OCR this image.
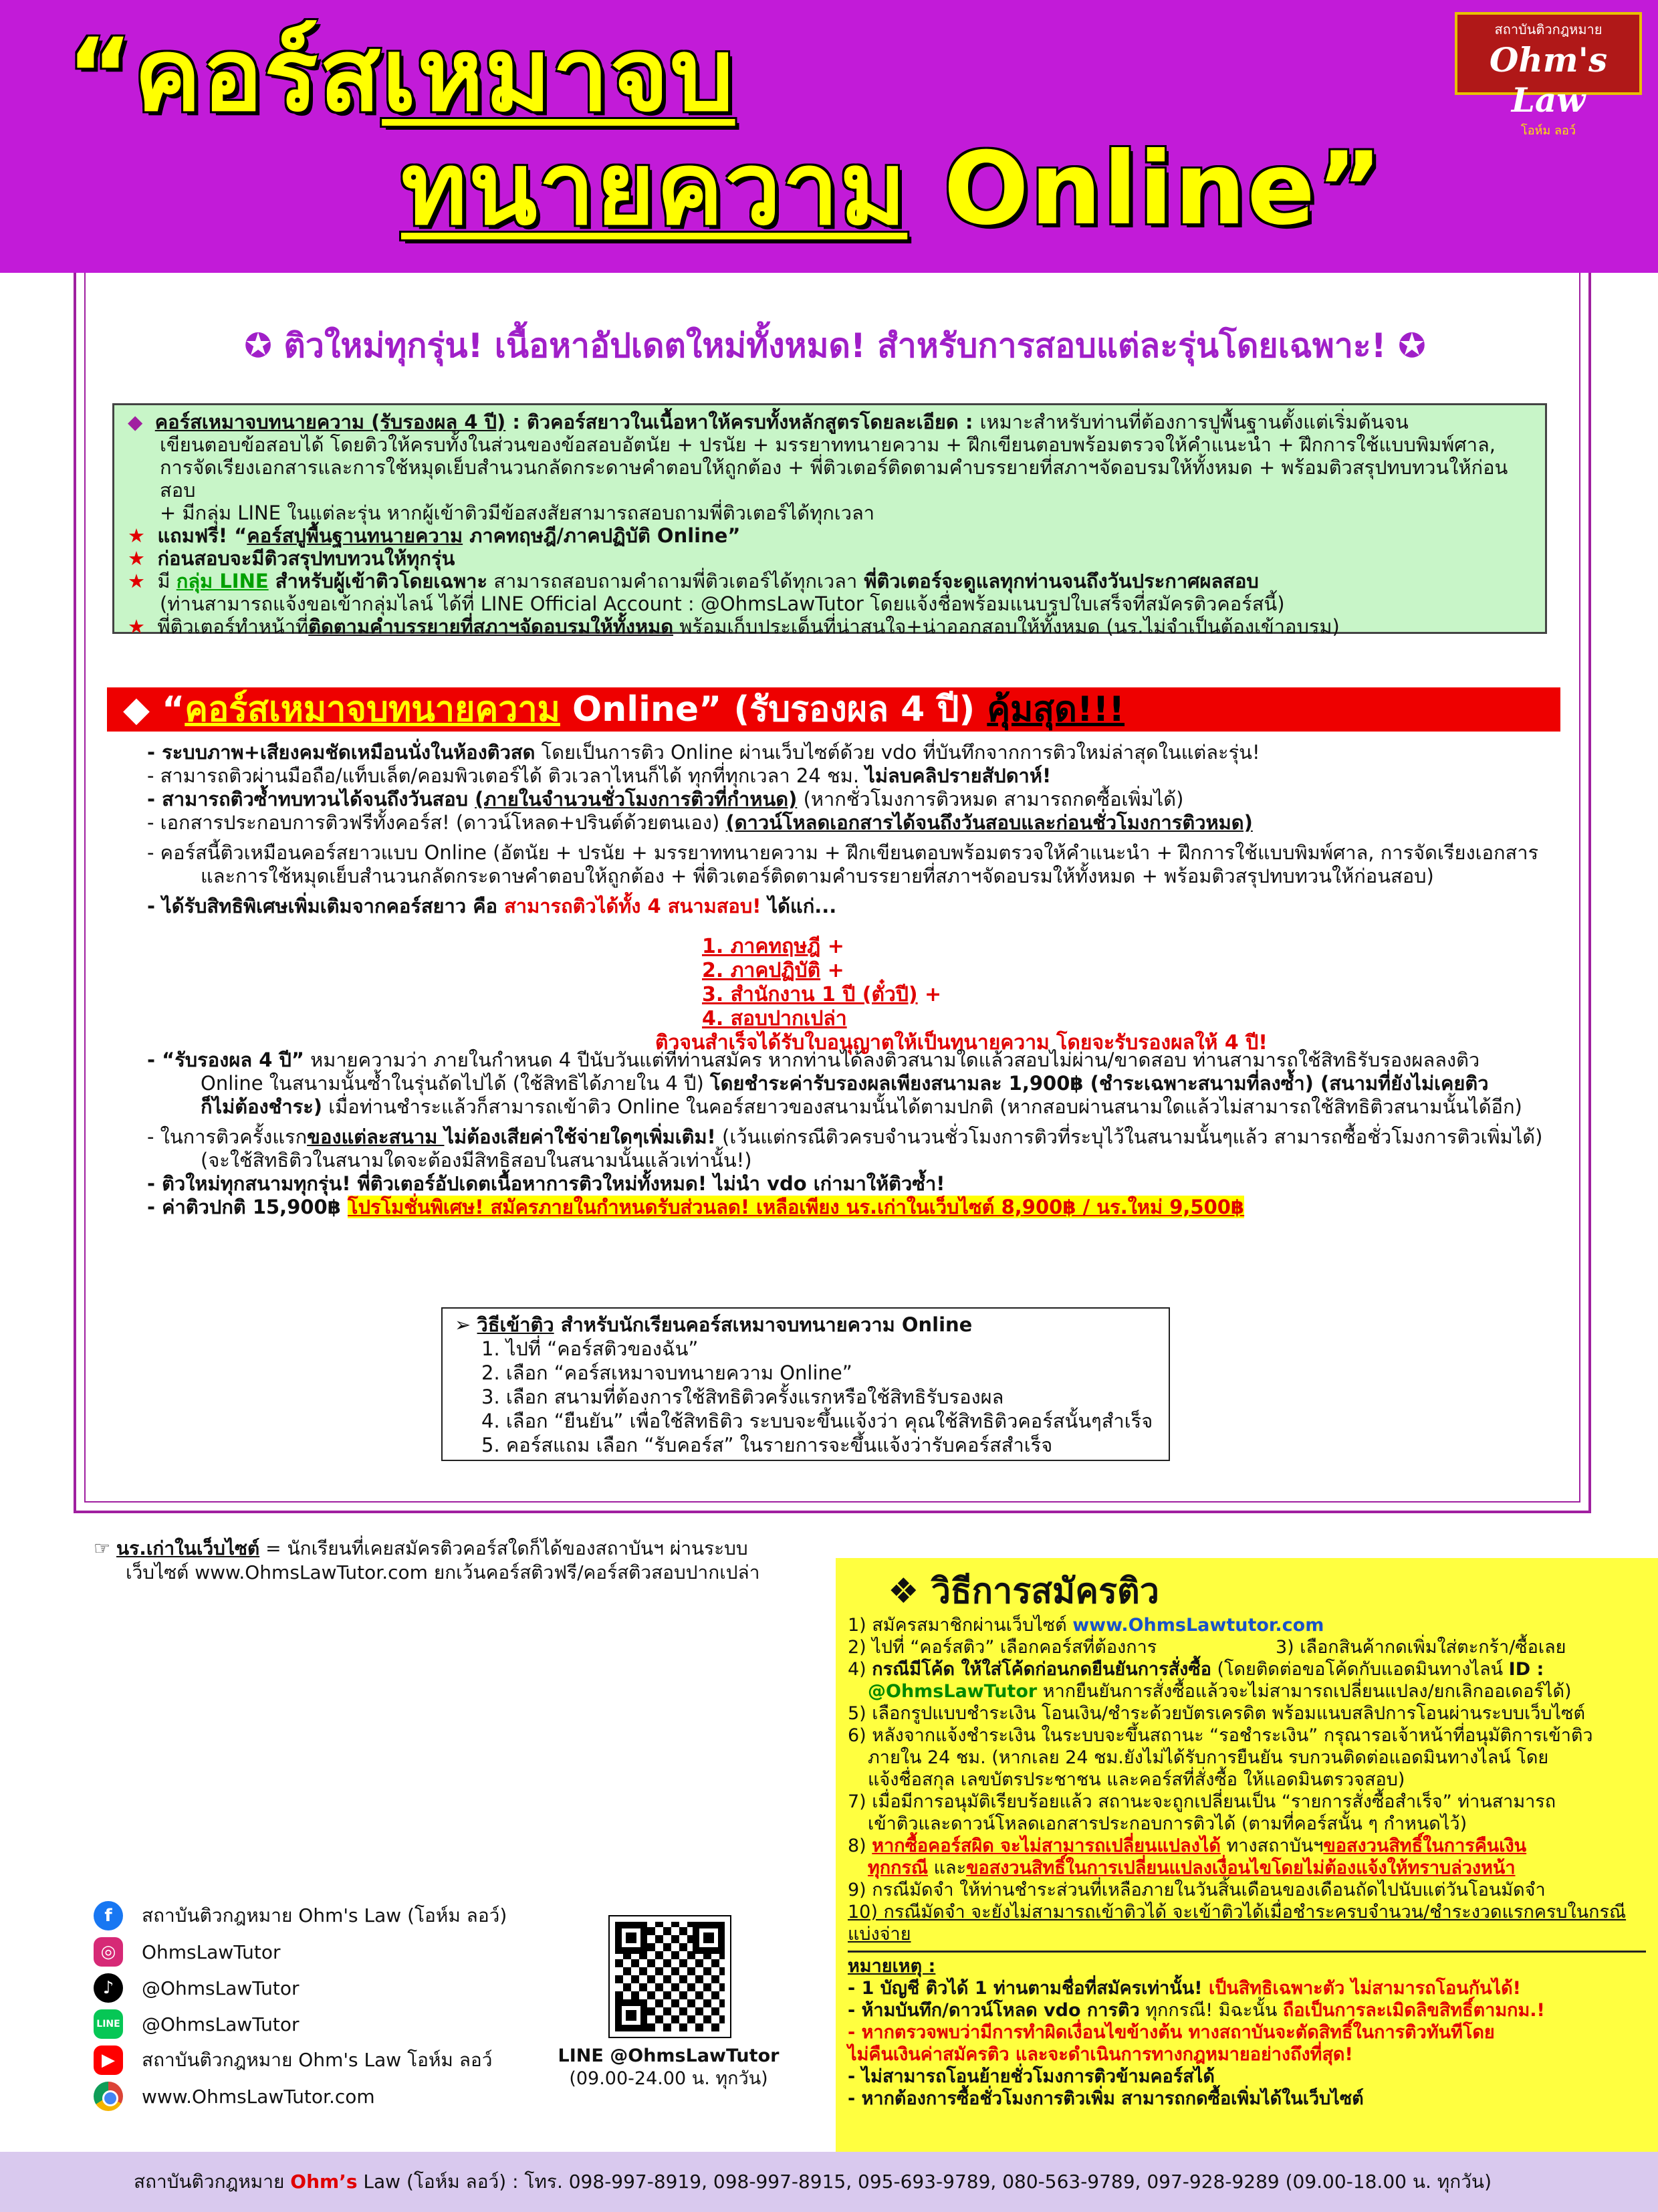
“คอร์สเหมาจบ
ทนายความ Online”
สถาบันติวกฎหมาย
Ohm's Law
โอห์ม ลอว์
✪ ติวใหม่ทุกรุ่น! เนื้อหาอัปเดตใหม่ทั้งหมด! สำหรับการสอบแต่ละรุ่นโดยเฉพาะ! ✪

◆ คอร์สเหมาจบทนายความ (รับรองผล 4 ปี) : ติวคอร์สยาวในเนื้อหาให้ครบทั้งหลักสูตรโดยละเอียด : เหมาะสำหรับท่านที่ต้องการปูพื้นฐานตั้งแต่เริ่มต้นจน

เขียนตอบข้อสอบได้ โดยติวให้ครบทั้งในส่วนของข้อสอบอัตนัย + ปรนัย + มรรยาททนายความ + ฝึกเขียนตอบพร้อมตรวจให้คำแนะนำ + ฝึกการใช้แบบพิมพ์ศาล,

การจัดเรียงเอกสารและการใช้หมุดเย็บสำนวนกลัดกระดาษคำตอบให้ถูกต้อง + พี่ติวเตอร์ติดตามคำบรรยายที่สภาฯจัดอบรมให้ทั้งหมด + พร้อมติวสรุปทบทวนให้ก่อนสอบ

+ มีกลุ่ม LINE ในแต่ละรุ่น หากผู้เข้าติวมีข้อสงสัยสามารถสอบถามพี่ติวเตอร์ได้ทุกเวลา

★ แถมฟรี! “คอร์สปูพื้นฐานทนายความ ภาคทฤษฎี/ภาคปฏิบัติ Online”

★ ก่อนสอบจะมีติวสรุปทบทวนให้ทุกรุ่น

★ มี กลุ่ม LINE สำหรับผู้เข้าติวโดยเฉพาะ สามารถสอบถามคำถามพี่ติวเตอร์ได้ทุกเวลา พี่ติวเตอร์จะดูแลทุกท่านจนถึงวันประกาศผลสอบ

(ท่านสามารถแจ้งขอเข้ากลุ่มไลน์ ได้ที่ LINE Official Account : @OhmsLawTutor โดยแจ้งชื่อพร้อมแนบรูปใบเสร็จที่สมัครติวคอร์สนี้)

★ พี่ติวเตอร์ทำหน้าที่ติดตามคำบรรยายที่สภาฯจัดอบรมให้ทั้งหมด พร้อมเก็บประเด็นที่น่าสนใจ+น่าออกสอบให้ทั้งหมด (นร.ไม่จำเป็นต้องเข้าอบรม)

◆ “คอร์สเหมาจบทนายความ Online” (รับรองผล 4 ปี) คุ้มสุด!!!

- ระบบภาพ+เสียงคมชัดเหมือนนั่งในห้องติวสด โดยเป็นการติว Online ผ่านเว็บไซต์ด้วย vdo ที่บันทึกจากการติวใหม่ล่าสุดในแต่ละรุ่น!

- สามารถติวผ่านมือถือ/แท็บเล็ต/คอมพิวเตอร์ได้ ติวเวลาไหนก็ได้ ทุกที่ทุกเวลา 24 ชม. ไม่ลบคลิปรายสัปดาห์!

- สามารถติวซ้ำทบทวนได้จนถึงวันสอบ (ภายในจำนวนชั่วโมงการติวที่กำหนด) (หากชั่วโมงการติวหมด สามารถกดซื้อเพิ่มได้)

- เอกสารประกอบการติวฟรีทั้งคอร์ส! (ดาวน์โหลด+ปรินต์ด้วยตนเอง) (ดาวน์โหลดเอกสารได้จนถึงวันสอบและก่อนชั่วโมงการติวหมด)

- คอร์สนี้ติวเหมือนคอร์สยาวแบบ Online (อัตนัย + ปรนัย + มรรยาททนายความ + ฝึกเขียนตอบพร้อมตรวจให้คำแนะนำ + ฝึกการใช้แบบพิมพ์ศาล, การจัดเรียงเอกสาร

และการใช้หมุดเย็บสำนวนกลัดกระดาษคำตอบให้ถูกต้อง + พี่ติวเตอร์ติดตามคำบรรยายที่สภาฯจัดอบรมให้ทั้งหมด + พร้อมติวสรุปทบทวนให้ก่อนสอบ)

- ได้รับสิทธิพิเศษเพิ่มเติมจากคอร์สยาว คือ สามารถติวได้ทั้ง 4 สนามสอบ! ได้แก่...

- “รับรองผล 4 ปี” หมายความว่า ภายในกำหนด 4 ปีนับวันแต่ที่ท่านสมัคร หากท่านได้ลงติวสนามใดแล้วสอบไม่ผ่าน/ขาดสอบ ท่านสามารถใช้สิทธิรับรองผลลงติว

Online ในสนามนั้นซ้ำในรุ่นถัดไปได้ (ใช้สิทธิได้ภายใน 4 ปี) โดยชำระค่ารับรองผลเพียงสนามละ 1,900฿ (ชำระเฉพาะสนามที่ลงซ้ำ) (สนามที่ยังไม่เคยติว

ก็ไม่ต้องชำระ) เมื่อท่านชำระแล้วก็สามารถเข้าติว Online ในคอร์สยาวของสนามนั้นได้ตามปกติ (หากสอบผ่านสนามใดแล้วไม่สามารถใช้สิทธิติวสนามนั้นได้อีก)

- ในการติวครั้งแรกของแต่ละสนาม ไม่ต้องเสียค่าใช้จ่ายใดๆเพิ่มเติม! (เว้นแต่กรณีติวครบจำนวนชั่วโมงการติวที่ระบุไว้ในสนามนั้นๆแล้ว สามารถซื้อชั่วโมงการติวเพิ่มได้)

(จะใช้สิทธิติวในสนามใดจะต้องมีสิทธิสอบในสนามนั้นแล้วเท่านั้น!)

- ติวใหม่ทุกสนามทุกรุ่น! พี่ติวเตอร์อัปเดตเนื้อหาการติวใหม่ทั้งหมด! ไม่นำ vdo เก่ามาให้ติวซ้ำ!

- ค่าติวปกติ 15,900฿ โปรโมชั่นพิเศษ! สมัครภายในกำหนดรับส่วนลด! เหลือเพียง นร.เก่าในเว็บไซต์ 8,900฿ / นร.ใหม่ 9,500฿

1. ภาคทฤษฎี +
2. ภาคปฏิบัติ +
3. สำนักงาน 1 ปี (ตั๋วปี) +
4. สอบปากเปล่า
ติวจนสำเร็จได้รับใบอนุญาตให้เป็นทนายความ โดยจะรับรองผลให้ 4 ปี!
➢ วิธีเข้าติว สำหรับนักเรียนคอร์สเหมาจบทนายความ Online
1. ไปที่ “คอร์สติวของฉัน”
2. เลือก “คอร์สเหมาจบทนายความ Online”
3. เลือก สนามที่ต้องการใช้สิทธิติวครั้งแรกหรือใช้สิทธิรับรองผล
4. เลือก “ยืนยัน” เพื่อใช้สิทธิติว ระบบจะขึ้นแจ้งว่า คุณใช้สิทธิติวคอร์สนั้นๆสำเร็จ
5. คอร์สแถม เลือก “รับคอร์ส” ในรายการจะขึ้นแจ้งว่ารับคอร์สสำเร็จ
☞ นร.เก่าในเว็บไซต์ = นักเรียนที่เคยสมัครติวคอร์สใดก็ได้ของสถาบันฯ ผ่านระบบ
เว็บไซต์ www.OhmsLawTutor.com ยกเว้นคอร์สติวฟรี/คอร์สติวสอบปากเปล่า	❖ วิธีการสมัครติว
1) สมัครสมาชิกผ่านเว็บไซต์ www.OhmsLawtutor.com
2) ไปที่ “คอร์สติว” เลือกคอร์สที่ต้องการ	3) เลือกสินค้ากดเพิ่มใส่ตะกร้า/ซื้อเลย
4) กรณีมีโค้ด ให้ใส่โค้ดก่อนกดยืนยันการสั่งซื้อ (โดยติดต่อขอโค้ดกับแอดมินทางไลน์ ID :
@OhmsLawTutor หากยืนยันการสั่งซื้อแล้วจะไม่สามารถเปลี่ยนแปลง/ยกเลิกออเดอร์ได้)
5) เลือกรูปแบบชำระเงิน โอนเงิน/ชำระด้วยบัตรเครดิต พร้อมแนบสลิปการโอนผ่านระบบเว็บไซต์
6) หลังจากแจ้งชำระเงิน ในระบบจะขึ้นสถานะ “รอชำระเงิน” กรุณารอเจ้าหน้าที่อนุมัติการเข้าติว
ภายใน 24 ชม. (หากเลย 24 ชม.ยังไม่ได้รับการยืนยัน รบกวนติดต่อแอดมินทางไลน์ โดย
แจ้งชื่อสกุล เลขบัตรประชาชน และคอร์สที่สั่งซื้อ ให้แอดมินตรวจสอบ)
7) เมื่อมีการอนุมัติเรียบร้อยแล้ว สถานะจะถูกเปลี่ยนเป็น “รายการสั่งซื้อสำเร็จ” ท่านสามารถ
เข้าติวและดาวน์โหลดเอกสารประกอบการติวได้ (ตามที่คอร์สนั้น ๆ กำหนดไว้)
8) หากซื้อคอร์สผิด จะไม่สามารถเปลี่ยนแปลงได้ ทางสถาบันฯขอสงวนสิทธิ์ในการคืนเงิน
ทุกกรณี และขอสงวนสิทธิ์ในการเปลี่ยนแปลงเงื่อนไขโดยไม่ต้องแจ้งให้ทราบล่วงหน้า
9) กรณีมัดจำ ให้ท่านชำระส่วนที่เหลือภายในวันสิ้นเดือนของเดือนถัดไปนับแต่วันโอนมัดจำ
10) กรณีมัดจำ จะยังไม่สามารถเข้าติวได้ จะเข้าติวได้เมื่อชำระครบจำนวน/ชำระงวดแรกครบในกรณีแบ่งจ่าย
หมายเหตุ :
- 1 บัญชี ติวได้ 1 ท่านตามชื่อที่สมัครเท่านั้น! เป็นสิทธิเฉพาะตัว ไม่สามารถโอนกันได้!
- ห้ามบันทึก/ดาวน์โหลด vdo การติว ทุกกรณี! มิฉะนั้น ถือเป็นการละเมิดลิขสิทธิ์ตามกม.!
- หากตรวจพบว่ามีการทำผิดเงื่อนไขข้างต้น ทางสถาบันจะตัดสิทธิ์ในการติวทันทีโดย
ไม่คืนเงินค่าสมัครติว และจะดำเนินการทางกฎหมายอย่างถึงที่สุด!
- ไม่สามารถโอนย้ายชั่วโมงการติวข้ามคอร์สได้
- หากต้องการซื้อชั่วโมงการติวเพิ่ม สามารถกดซื้อเพิ่มได้ในเว็บไซต์
f	สถาบันติวกฎหมาย Ohm's Law (โอห์ม ลอว์)
◎	OhmsLawTutor
♪	@OhmsLawTutor
LINE @OhmsLawTutor
▶	สถาบันติวกฎหมาย Ohm's Law โอห์ม ลอว์
www.OhmsLawTutor.com
LINE @OhmsLawTutor
(09.00-24.00 น. ทุกวัน)
สถาบันติวกฎหมาย Ohm’s Law (โอห์ม ลอว์) : โทร. 098-997-8919, 098-997-8915, 095-693-9789, 080-563-9789, 097-928-9289 (09.00-18.00 น. ทุกวัน)
